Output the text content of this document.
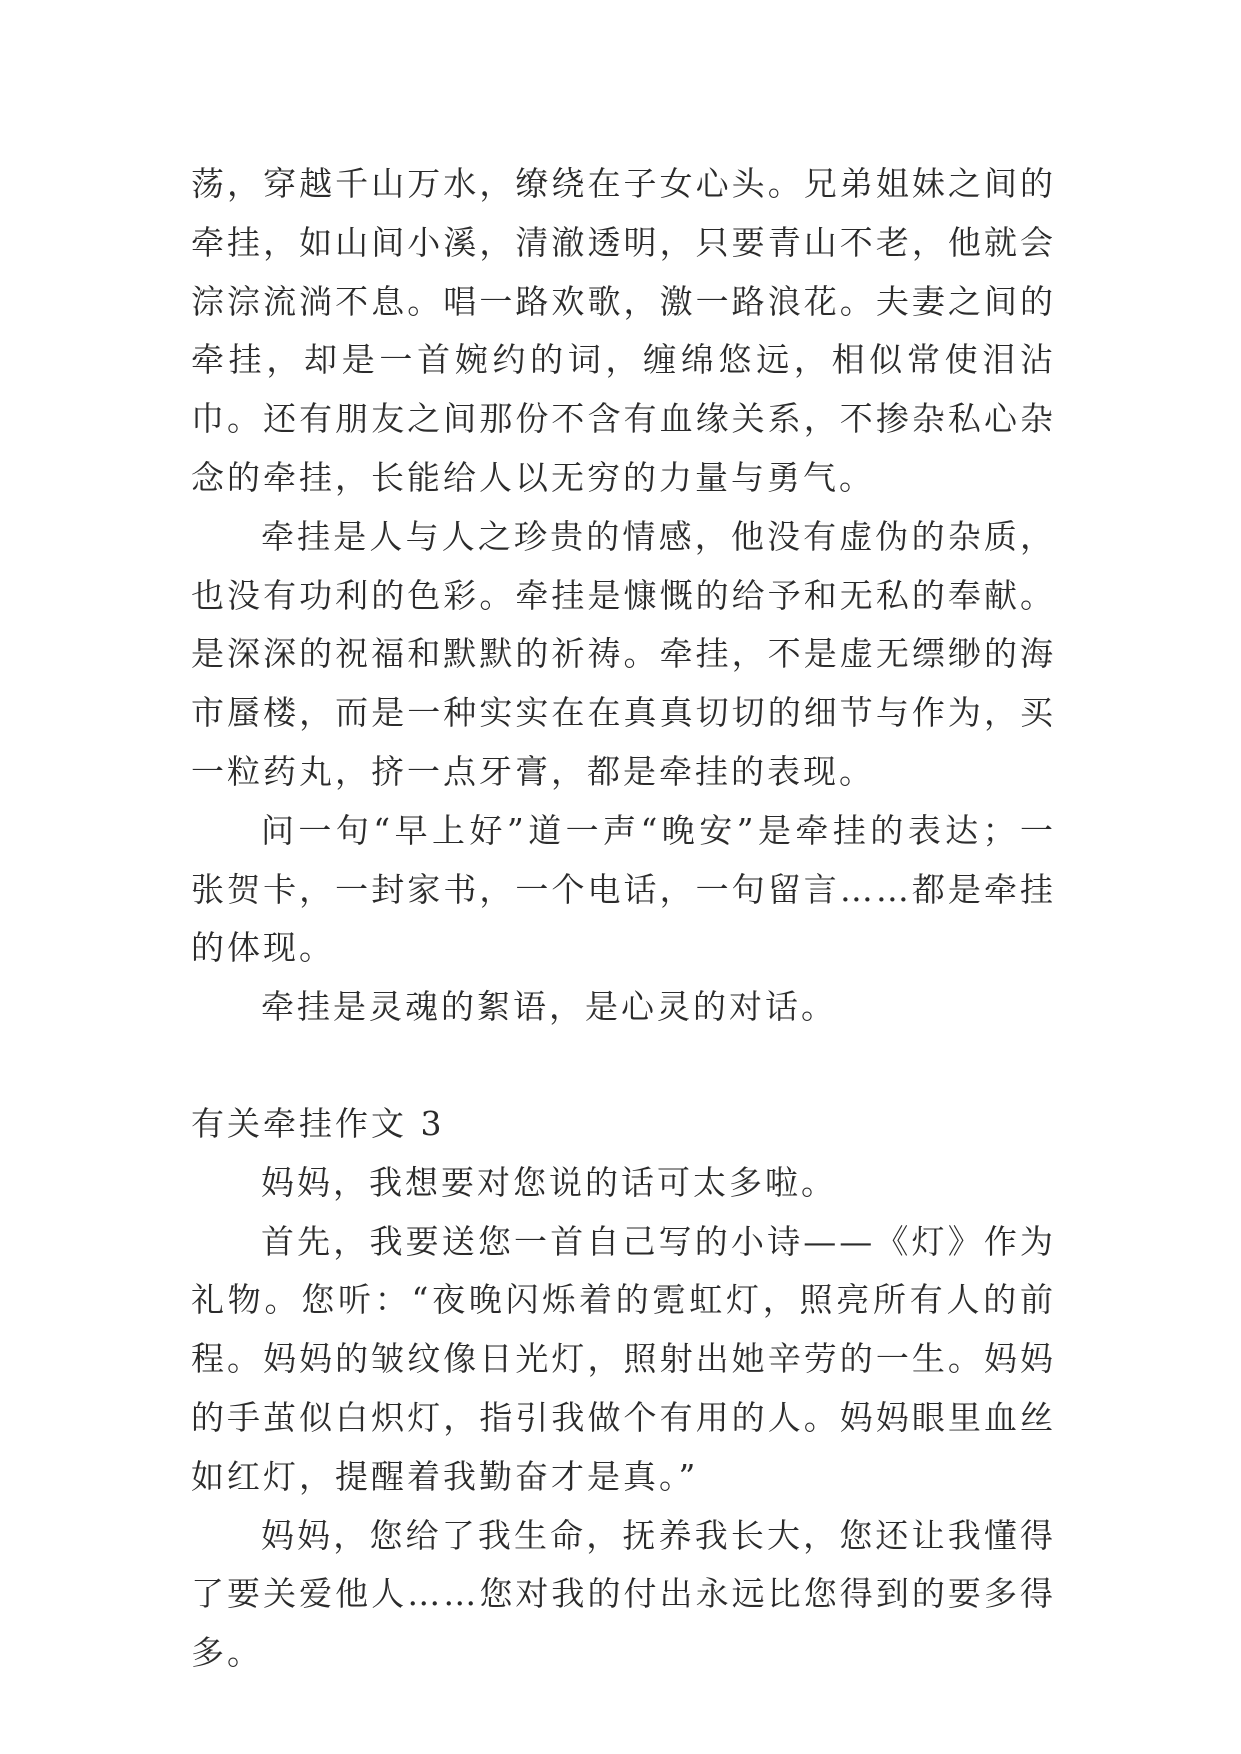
荡，穿越千山万水，缭绕在子女心头。兄弟姐妹之间的牵挂，如山间小溪，清澈透明，只要青山不老，他就会淙淙流淌不息。唱一路欢歌，激一路浪花。夫妻之间的牵挂，却是一首婉约的词，缠绵悠远，相似常使泪沾巾。还有朋友之间那份不含有血缘关系，不掺杂私心杂念的牵挂，长能给人以无穷的力量与勇气。

牵挂是人与人之珍贵的情感，他没有虚伪的杂质，也没有功利的色彩。牵挂是慷慨的给予和无私的奉献。是深深的祝福和默默的祈祷。牵挂，不是虚无缥缈的海市蜃楼，而是一种实实在在真真切切的细节与作为，买一粒药丸，挤一点牙膏，都是牵挂的表现。

问一句“早上好”道一声“晚安”是牵挂的表达；一张贺卡，一封家书，一个电话，一句留言……都是牵挂的体现。

牵挂是灵魂的絮语，是心灵的对话。

有关牵挂作文 3

妈妈，我想要对您说的话可太多啦。

首先，我要送您一首自己写的小诗——《灯》作为礼物。您听：“夜晚闪烁着的霓虹灯，照亮所有人的前程。妈妈的皱纹像日光灯，照射出她辛劳的一生。妈妈的手茧似白炽灯，指引我做个有用的人。妈妈眼里血丝如红灯，提醒着我勤奋才是真。”

妈妈，您给了我生命，抚养我长大，您还让我懂得了要关爱他人……您对我的付出永远比您得到的要多得多。
